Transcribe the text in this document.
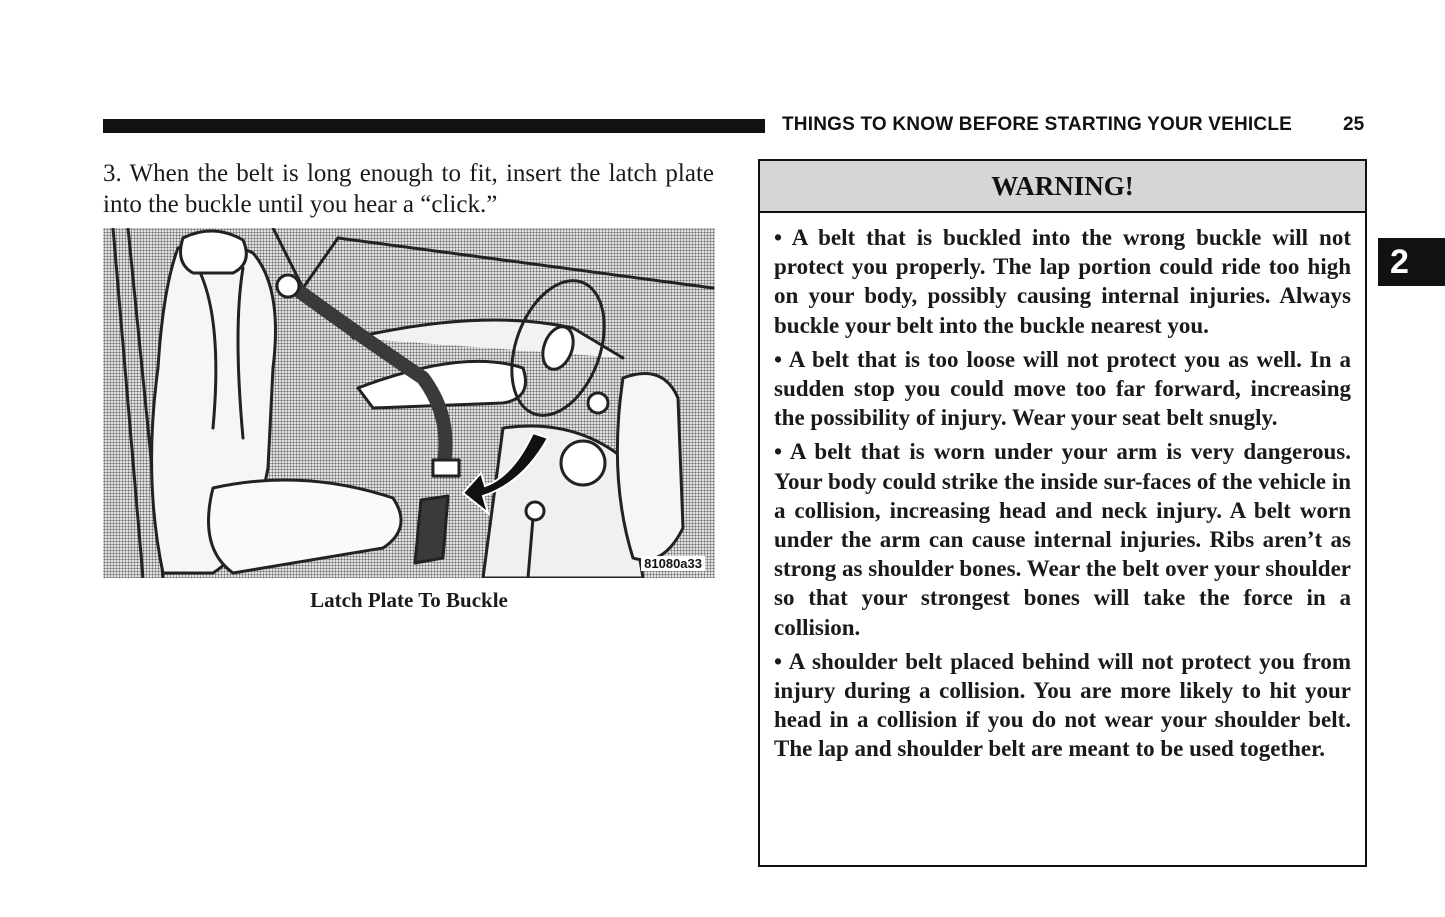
THINGS TO KNOW BEFORE STARTING YOUR VEHICLE	25
3. When the belt is long enough to fit, insert the latch plate into the buckle until you hear a “click.”
81080a33
Latch Plate To Buckle
WARNING!

• A belt that is buckled into the wrong buckle will not protect you properly. The lap portion could ride too high on your body, possibly causing internal injuries. Always buckle your belt into the buckle nearest you.

• A belt that is too loose will not protect you as well. In a sudden stop you could move too far forward, increasing the possibility of injury. Wear your seat belt snugly.

• A belt that is worn under your arm is very dangerous. Your body could strike the inside sur-faces of the vehicle in a collision, increasing head and neck injury. A belt worn under the arm can cause internal injuries. Ribs aren’t as strong as shoulder bones. Wear the belt over your shoulder so that your strongest bones will take the force in a collision.

• A shoulder belt placed behind will not protect you from injury during a collision. You are more likely to hit your head in a collision if you do not wear your shoulder belt. The lap and shoulder belt are meant to be used together.

2
